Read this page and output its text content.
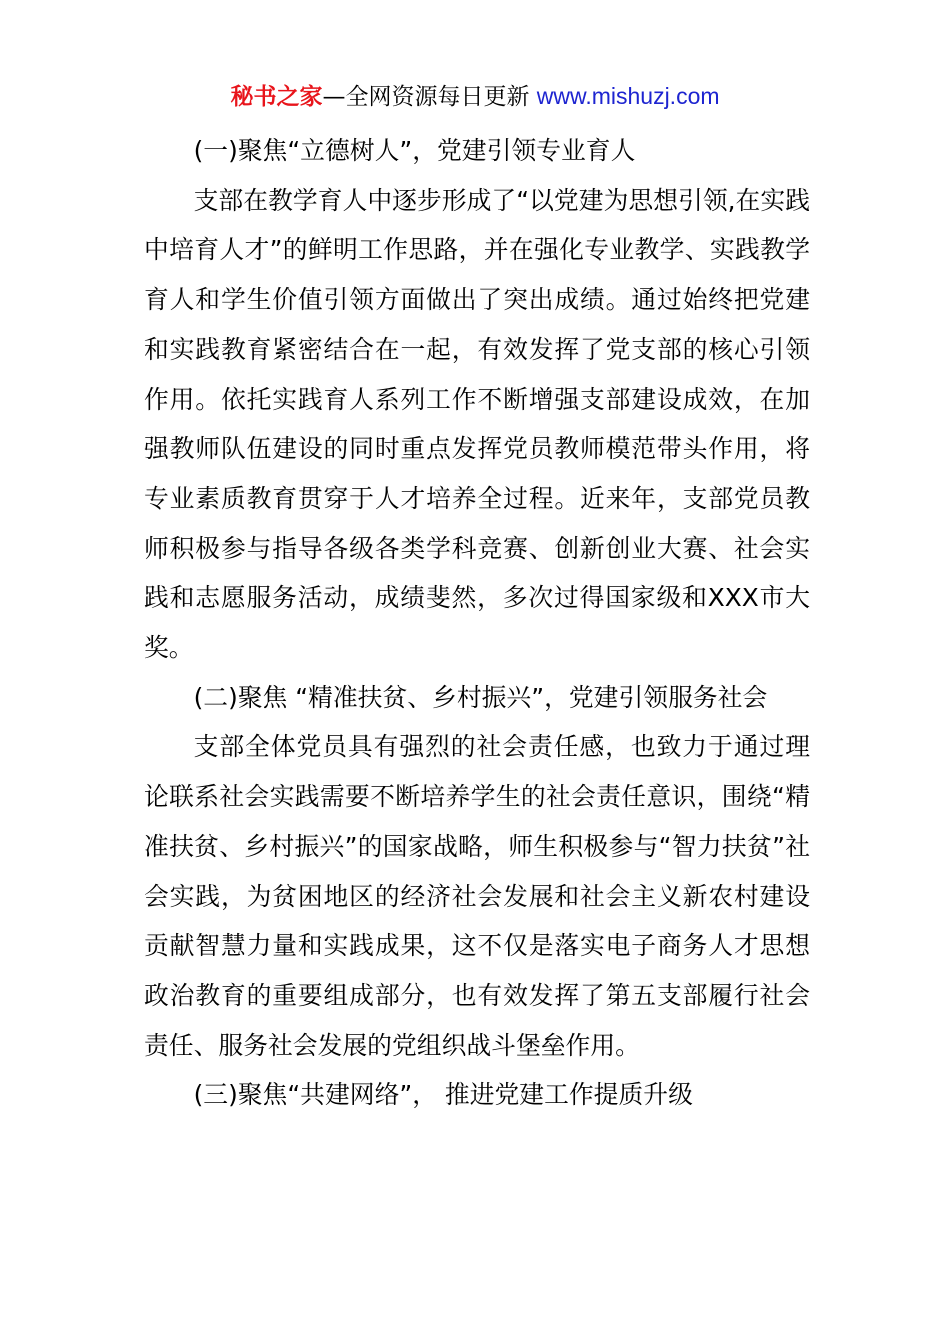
秘书之家—全网资源每日更新 www.mishuzj.com

(一)聚焦“立德树人”，党建引领专业育人

支部在教学育人中逐步形成了“以党建为思想引领,在实践中培育人才”的鲜明工作思路，并在强化专业教学、实践教学育人和学生价值引领方面做出了突出成绩。通过始终把党建和实践教育紧密结合在一起，有效发挥了党支部的核心引领作用。依托实践育人系列工作不断增强支部建设成效，在加强教师队伍建设的同时重点发挥党员教师模范带头作用，将专业素质教育贯穿于人才培养全过程。近来年，支部党员教师积极参与指导各级各类学科竞赛、创新创业大赛、社会实践和志愿服务活动，成绩斐然，多次过得国家级和XXX市大奖。

(二)聚焦 “精准扶贫、乡村振兴”，党建引领服务社会

支部全体党员具有强烈的社会责任感，也致力于通过理论联系社会实践需要不断培养学生的社会责任意识，围绕“精准扶贫、乡村振兴”的国家战略，师生积极参与“智力扶贫”社会实践，为贫困地区的经济社会发展和社会主义新农村建设贡献智慧力量和实践成果，这不仅是落实电子商务人才思想政治教育的重要组成部分，也有效发挥了第五支部履行社会责任、服务社会发展的党组织战斗堡垒作用。

(三)聚焦“共建网络”， 推进党建工作提质升级
